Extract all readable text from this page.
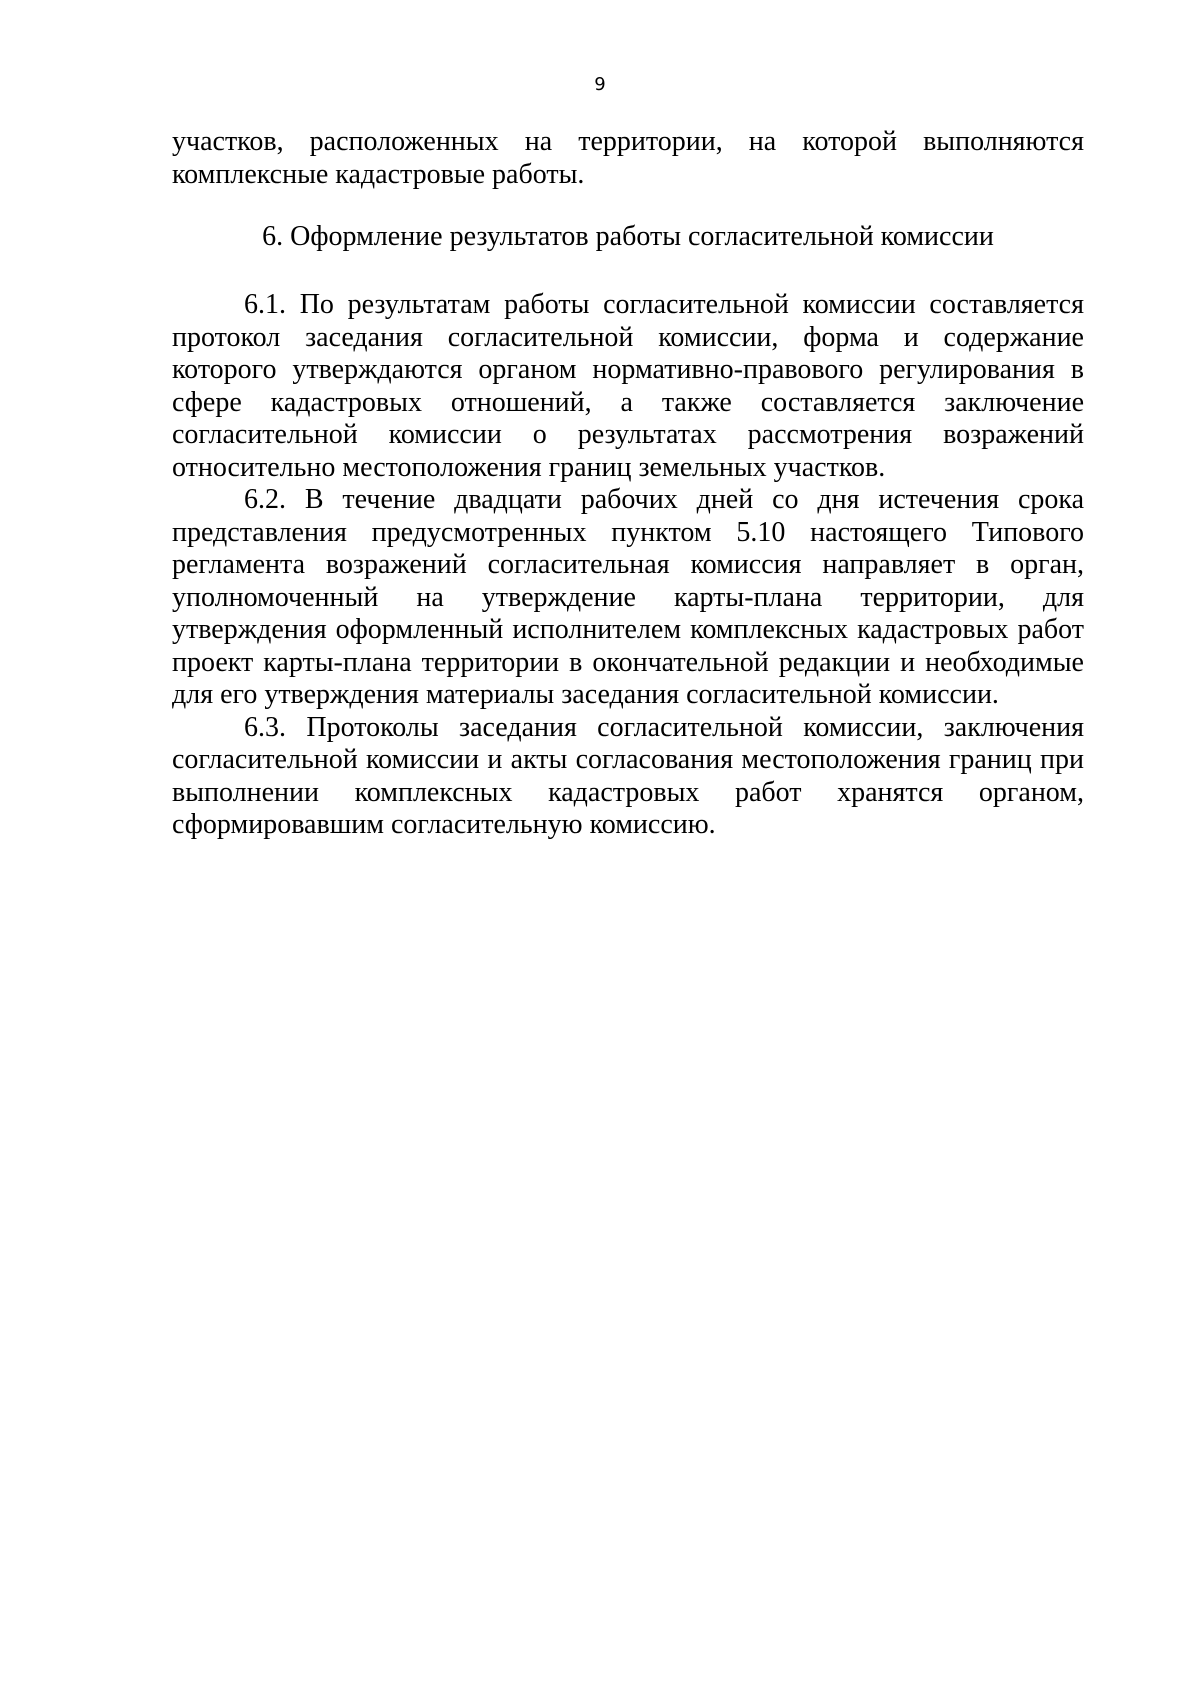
9

участков, расположенных на территории, на которой выполняются комплексные кадастровые работы.

6. Оформление результатов работы согласительной комиссии

6.1. По результатам работы согласительной комиссии составляется протокол заседания согласительной комиссии, форма и содержание которого утверждаются органом нормативно-правового регулирования в сфере кадастровых отношений, а также составляется заключение согласительной комиссии о результатах рассмотрения возражений относительно местоположения границ земельных участков.

6.2. В течение двадцати рабочих дней со дня истечения срока представления предусмотренных пунктом 5.10 настоящего Типового регламента возражений согласительная комиссия направляет в орган, уполномоченный на утверждение карты-плана территории, для утверждения оформленный исполнителем комплексных кадастровых работ проект карты-плана территории в окончательной редакции и необходимые для его утверждения материалы заседания согласительной комиссии.

6.3. Протоколы заседания согласительной комиссии, заключения согласительной комиссии и акты согласования местоположения границ при выполнении комплексных кадастровых работ хранятся органом, сформировавшим согласительную комиссию.
